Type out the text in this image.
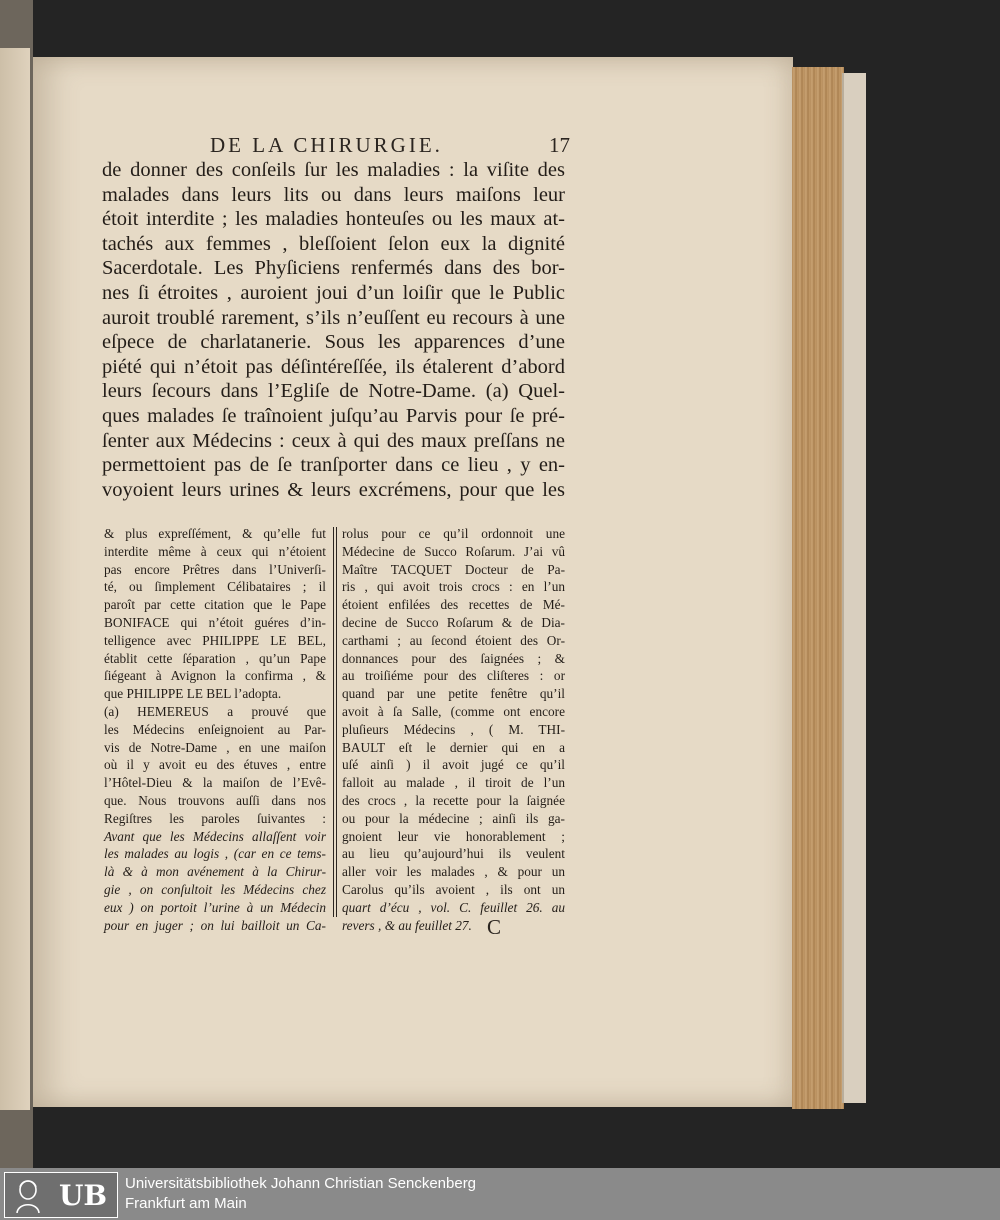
DE LA CHIRURGIE.	17

de donner des conſeils ſur les maladies : la viſite des

malades dans leurs lits ou dans leurs maiſons leur

étoit interdite ; les maladies honteuſes ou les maux at-

tachés aux femmes , bleſſoient ſelon eux la dignité

Sacerdotale. Les Phyſiciens renfermés dans des bor-

nes ſi étroites , auroient joui d’un loiſir que le Public

auroit troublé rarement, s’ils n’euſſent eu recours à une

eſpece de charlatanerie. Sous les apparences d’une

piété qui n’étoit pas déſintéreſſée, ils étalerent d’abord

leurs ſecours dans l’Egliſe de Notre-Dame. (a) Quel-

ques malades ſe traînoient juſqu’au Parvis pour ſe pré-

ſenter aux Médecins : ceux à qui des maux preſſans ne

permettoient pas de ſe tranſporter dans ce lieu , y en-

voyoient leurs urines & leurs excrémens, pour que les

& plus expreſſément, & qu’elle fut

interdite même à ceux qui n’étoient

pas encore Prêtres dans l’Univerſi-

té, ou ſimplement Célibataires ; il

paroît par cette citation que le Pape

BONIFACE qui n’étoit guéres d’in-

telligence avec PHILIPPE LE BEL,

établit cette ſéparation , qu’un Pape

ſiégeant à Avignon la confirma , &

que PHILIPPE LE BEL l’adopta.

(a) HEMEREUS a prouvé que

les Médecins enſeignoient au Par-

vis de Notre-Dame , en une maiſon

où il y avoit eu des étuves , entre

l’Hôtel-Dieu & la maiſon de l’Evê-

que. Nous trouvons auſſi dans nos

Regiſtres les paroles ſuivantes :

Avant que les Médecins allaſſent voir

les malades au logis , (car en ce tems-

là & à mon avénement à la Chirur-

gie , on conſultoit les Médecins chez

eux ) on portoit l’urine à un Médecin

pour en juger ; on lui bailloit un Ca-

rolus pour ce qu’il ordonnoit une

Médecine de Succo Roſarum. J’ai vû

Maître TACQUET Docteur de Pa-

ris , qui avoit trois crocs : en l’un

étoient enfilées des recettes de Mé-

decine de Succo Roſarum & de Dia-

carthami ; au ſecond étoient des Or-

donnances pour des ſaignées ; &

au troiſiéme pour des cliſteres : or

quand par une petite fenêtre qu’il

avoit à ſa Salle, (comme ont encore

pluſieurs Médecins , ( M. THI-

BAULT eſt le dernier qui en a

uſé ainſi ) il avoit jugé ce qu’il

falloit au malade , il tiroit de l’un

des crocs , la recette pour la ſaignée

ou pour la médecine ; ainſi ils ga-

gnoient leur vie honorablement ;

au lieu qu’aujourd’hui ils veulent

aller voir les malades , & pour un

Carolus qu’ils avoient , ils ont un

quart d’écu , vol. C. feuillet 26. au

revers , & au feuillet 27. C
UB Universitätsbibliothek Johann Christian Senckenberg
Frankfurt am Main
